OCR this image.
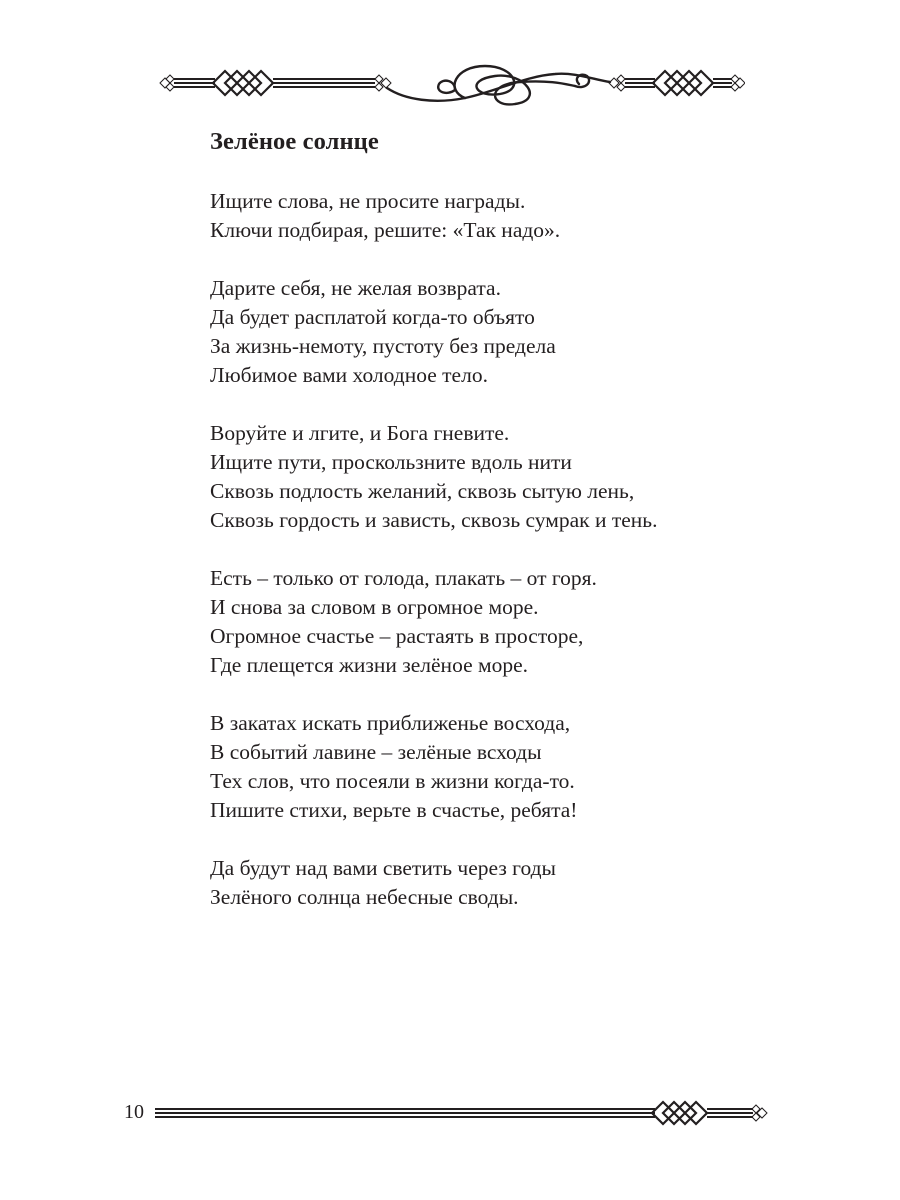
Зелёное солнце
Ищите слова, не просите награды.
Ключи подбирая, решите: «Так надо».
Дарите себя, не желая возврата.
Да будет расплатой когда-то объято
За жизнь-немоту, пустоту без предела
Любимое вами холодное тело.
Воруйте и лгите, и Бога гневите.
Ищите пути, проскользните вдоль нити
Сквозь подлость желаний, сквозь сытую лень,
Сквозь гордость и зависть, сквозь сумрак и тень.
Есть – только от голода, плакать – от горя.
И снова за словом в огромное море.
Огромное счастье – растаять в просторе,
Где плещется жизни зелёное море.
В закатах искать приближенье восхода,
В событий лавине – зелёные всходы
Тех слов, что посеяли в жизни когда-то.
Пишите стихи, верьте в счастье, ребята!
Да будут над вами светить через годы
Зелёного солнца небесные своды.
10
